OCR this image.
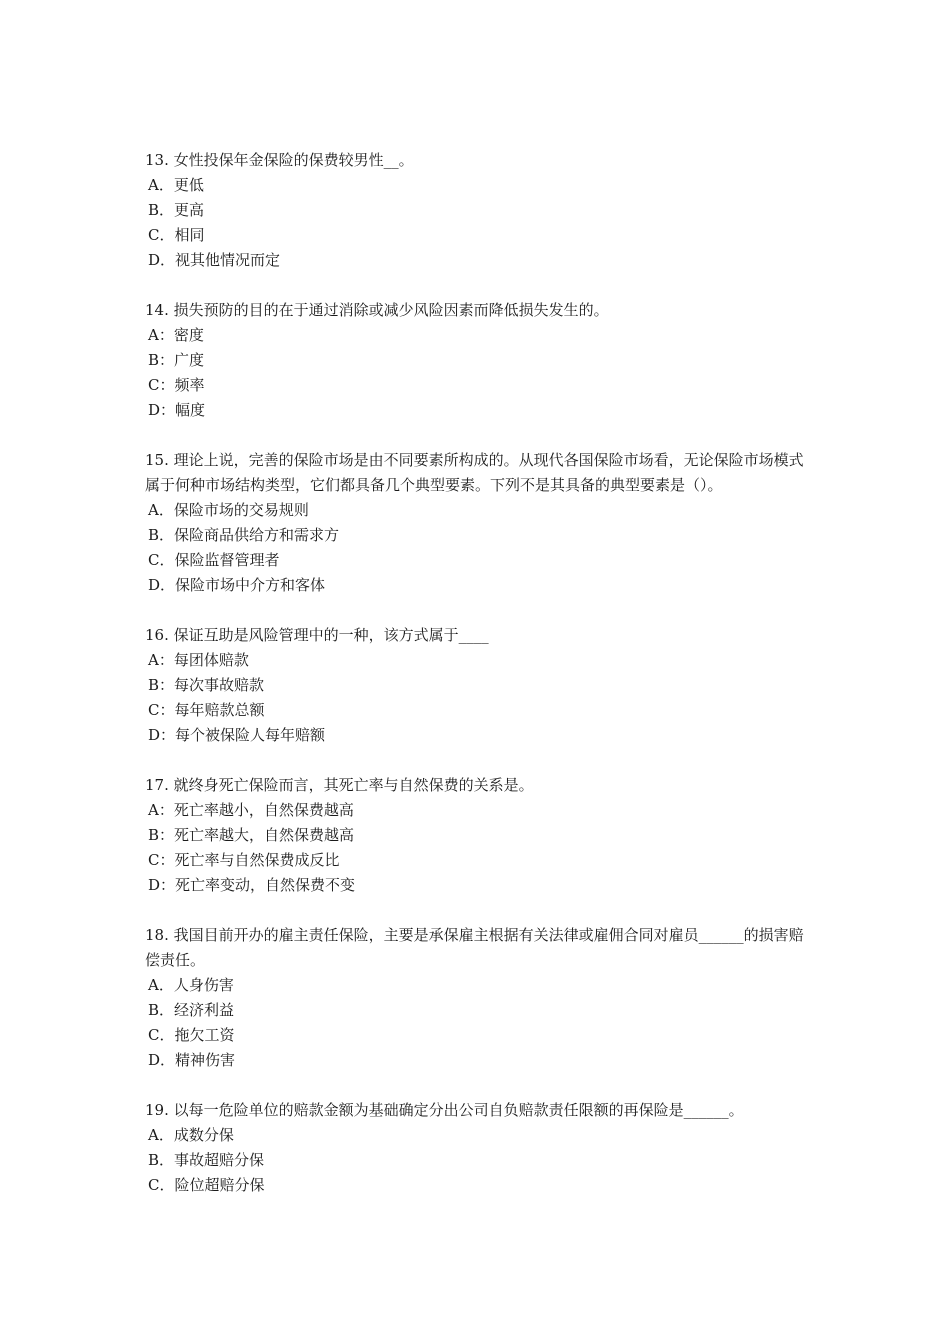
13. 女性投保年金保险的保费较男性__。

A．更低

B．更高

C．相同

D．视其他情况而定

14. 损失预防的目的在于通过消除或减少风险因素而降低损失发生的。

A：密度

B：广度

C：频率

D：幅度

15. 理论上说，完善的保险市场是由不同要素所构成的。从现代各国保险市场看，无论保险市场模式属于何种市场结构类型，它们都具备几个典型要素。下列不是其具备的典型要素是（）。

A．保险市场的交易规则

B．保险商品供给方和需求方

C．保险监督管理者

D．保险市场中介方和客体

16. 保证互助是风险管理中的一种，该方式属于____

A：每团体赔款

B：每次事故赔款

C：每年赔款总额

D：每个被保险人每年赔额

17. 就终身死亡保险而言，其死亡率与自然保费的关系是。

A：死亡率越小，自然保费越高

B：死亡率越大，自然保费越高

C：死亡率与自然保费成反比

D：死亡率变动，自然保费不变

18. 我国目前开办的雇主责任保险，主要是承保雇主根据有关法律或雇佣合同对雇员______的损害赔偿责任。

A．人身伤害

B．经济利益

C．拖欠工资

D．精神伤害

19. 以每一危险单位的赔款金额为基础确定分出公司自负赔款责任限额的再保险是______。

A．成数分保

B．事故超赔分保

C．险位超赔分保
